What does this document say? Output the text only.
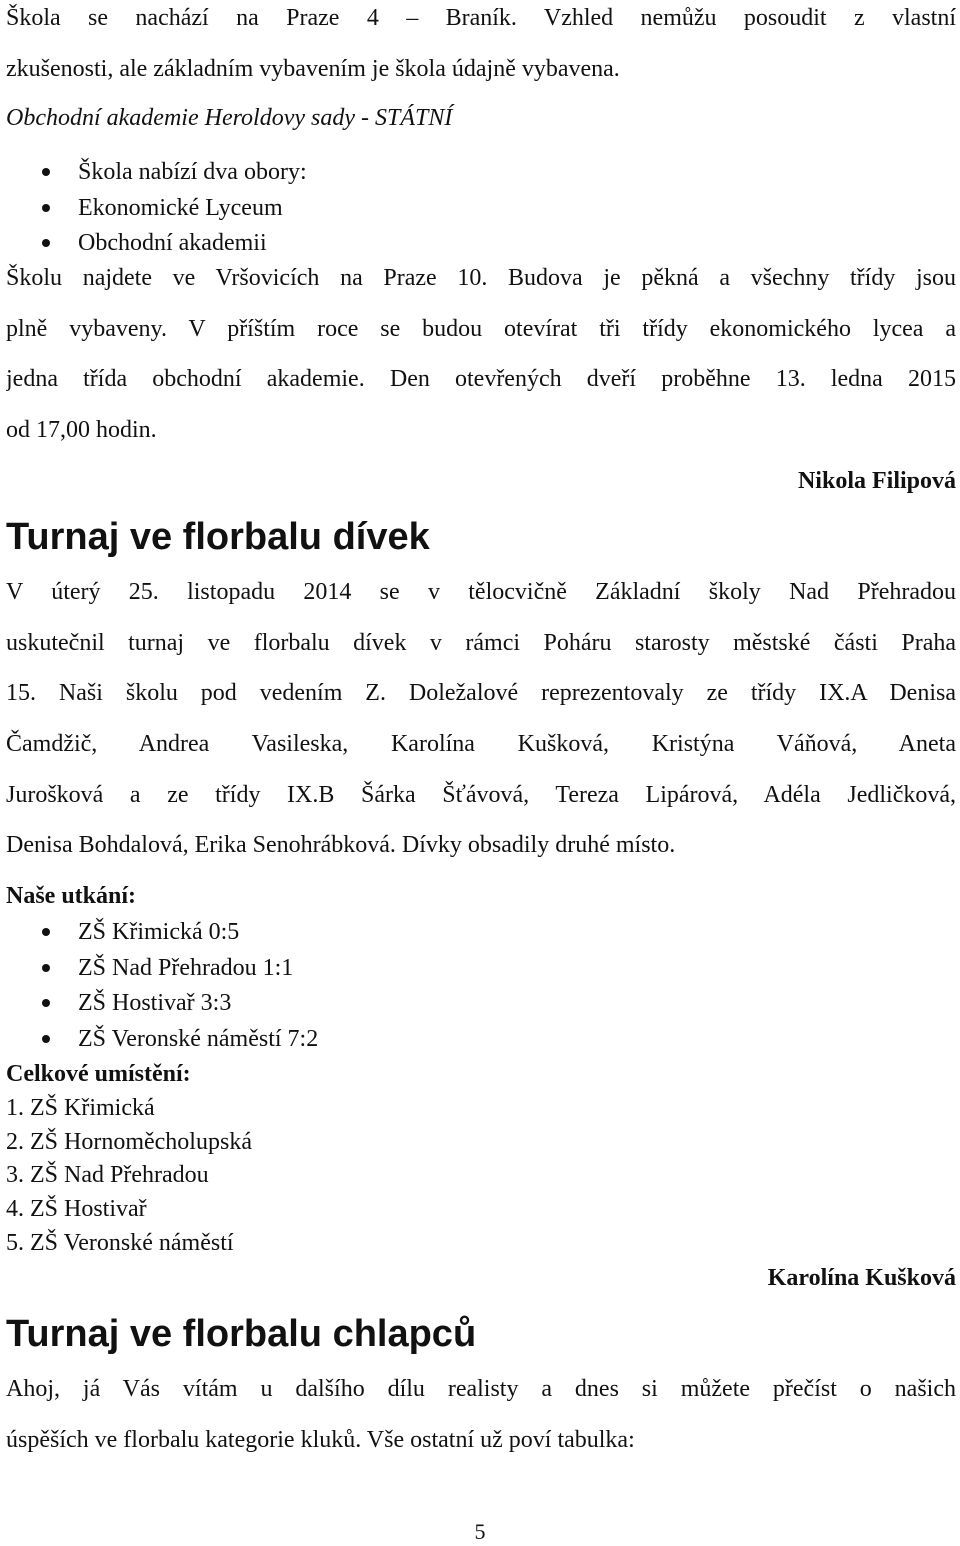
Škola se nachází na Praze 4 – Braník. Vzhled nemůžu posoudit z vlastní
zkušenosti, ale základním vybavením je škola údajně vybavena.
Obchodní akademie Heroldovy sady - STÁTNÍ
Škola nabízí dva obory:
Ekonomické Lyceum
Obchodní akademii
Školu najdete ve Vršovicích na Praze 10. Budova je pěkná a všechny třídy jsou
plně vybaveny. V příštím roce se budou otevírat tři třídy ekonomického lycea a
jedna třída obchodní akademie. Den otevřených dveří proběhne 13. ledna 2015
od 17,00 hodin.
Nikola Filipová
Turnaj ve florbalu dívek
V úterý 25. listopadu 2014 se v tělocvičně Základní školy Nad Přehradou
uskutečnil turnaj ve florbalu dívek v rámci Poháru starosty městské části Praha
15. Naši školu pod vedením Z. Doležalové reprezentovaly ze třídy IX.A Denisa
Čamdžič, Andrea Vasileska, Karolína Kušková, Kristýna Váňová, Aneta
Jurošková a ze třídy IX.B Šárka Šťávová, Tereza Lipárová, Adéla Jedličková,
Denisa Bohdalová, Erika Senohrábková. Dívky obsadily druhé místo.
Naše utkání:
ZŠ Křimická 0:5
ZŠ Nad Přehradou 1:1
ZŠ Hostivař 3:3
ZŠ Veronské náměstí 7:2
Celkové umístění:
1. ZŠ Křimická
2. ZŠ Hornoměcholupská
3. ZŠ Nad Přehradou
4. ZŠ Hostivař
5. ZŠ Veronské náměstí
Karolína Kušková
Turnaj ve florbalu chlapců
Ahoj, já Vás vítám u dalšího dílu realisty a dnes si můžete přečíst o našich
úspěších ve florbalu kategorie kluků. Vše ostatní už poví tabulka:
5
